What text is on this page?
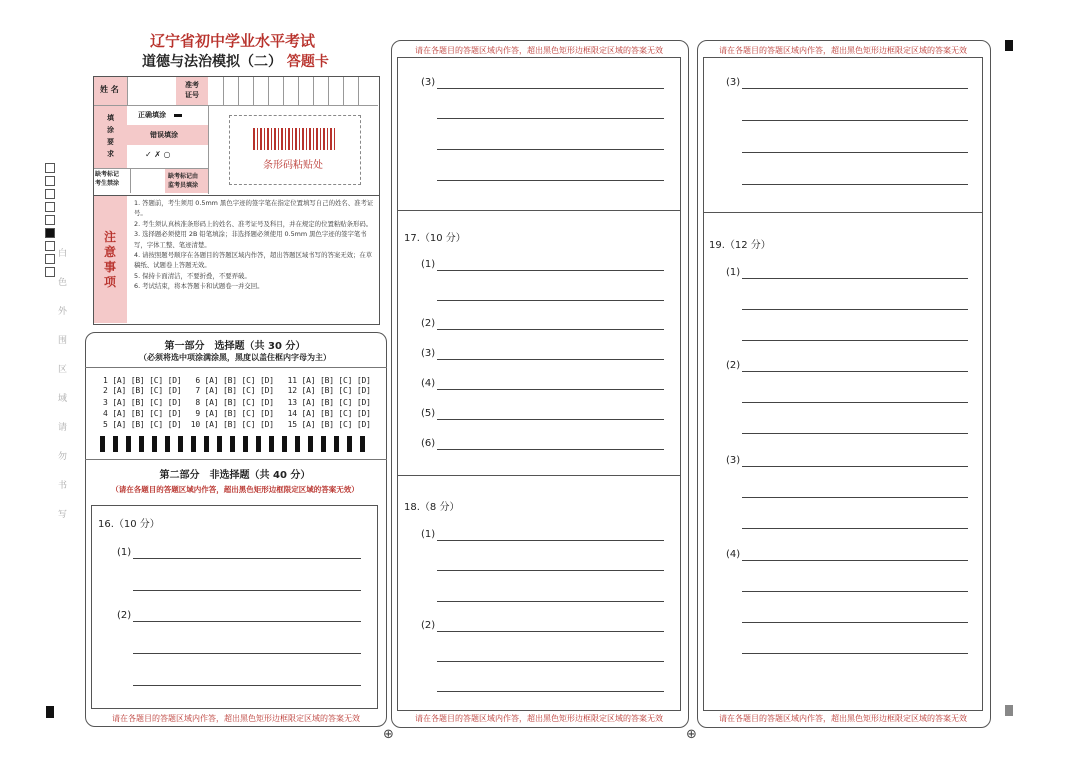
辽宁省初中学业水平考试
道德与法治模拟（二） 答题卡
白
色
外
围
区
域
请
勿
书
写
姓 名	准考
证号
填
涂
要
求
正确填涂
错误填涂
✓ ✗ ○
缺考标记
考生禁涂
缺考标记由
监考员填涂
条形码粘贴处
注
意
事
项
1. 答题前，考生须用 0.5mm 黑色字迹的签字笔在指定位置填写自己的姓名、准考证号。
2. 考生须认真核准条形码上的姓名、准考证号及科目，并在规定的位置粘贴条形码。
3. 选择题必须使用 2B 铅笔填涂；非选择题必须使用 0.5mm 黑色字迹的签字笔书写，字体工整、笔迹清楚。
4. 请按照题号顺序在各题目的答题区域内作答，超出答题区域书写的答案无效；在草稿纸、试题卷上答题无效。
5. 保持卡面清洁，不要折叠，不要弄破。
6. 考试结束，将本答题卡和试题卷一并交回。
第一部分　选择题（共 30 分）
（必须将选中项涂满涂黑，黑度以盖住框内字母为主）
1 [A] [B] [C] [D]   6 [A] [B] [C] [D]   11 [A] [B] [C] [D]
2 [A] [B] [C] [D]   7 [A] [B] [C] [D]   12 [A] [B] [C] [D]
3 [A] [B] [C] [D]   8 [A] [B] [C] [D]   13 [A] [B] [C] [D]
4 [A] [B] [C] [D]   9 [A] [B] [C] [D]   14 [A] [B] [C] [D]
5 [A] [B] [C] [D]  10 [A] [B] [C] [D]   15 [A] [B] [C] [D]
第二部分　非选择题（共 40 分）
（请在各题目的答题区域内作答，超出黑色矩形边框限定区域的答案无效）
16.（10 分）
(1)
(2)
请在各题目的答题区域内作答，超出黑色矩形边框限定区域的答案无效
⊕
请在各题目的答题区域内作答，超出黑色矩形边框限定区域的答案无效
(3)
17.（10 分）
(1)
(2)
(3)
(4)
(5)
(6)
18.（8 分）
(1)
(2)
请在各题目的答题区域内作答，超出黑色矩形边框限定区域的答案无效
⊕
请在各题目的答题区域内作答，超出黑色矩形边框限定区域的答案无效
(3)
19.（12 分）
(1)
(2)
(3)
(4)
请在各题目的答题区域内作答，超出黑色矩形边框限定区域的答案无效
